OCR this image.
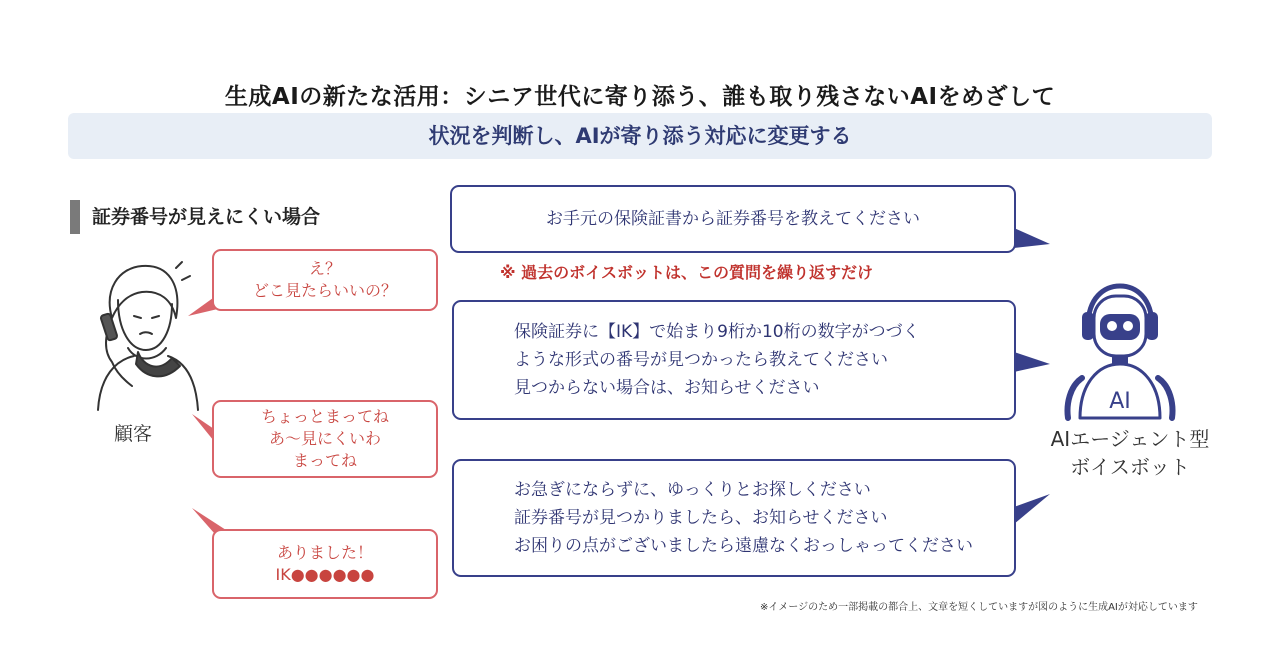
AI
生成AIの新たな活用：シニア世代に寄り添う、誰も取り残さないAIをめざして
状況を判断し、AIが寄り添う対応に変更する
証券番号が見えにくい場合
え？
どこ見たらいいの？
ちょっとまってね
あ～見にくいわ
まってね
ありました！
IK●●●●●●
お手元の保険証書から証券番号を教えてください
※ 過去のボイスボットは、この質問を繰り返すだけ
保険証券に【IK】で始まり9桁か10桁の数字がつづく
ような形式の番号が見つかったら教えてください
見つからない場合は、お知らせください
お急ぎにならずに、ゆっくりとお探しください
証券番号が見つかりましたら、お知らせください
お困りの点がございましたら遠慮なくおっしゃってください
顧客	AIエージェント型
ボイスボット
※イメージのため一部掲載の都合上、文章を短くしていますが図のように生成AIが対応しています
